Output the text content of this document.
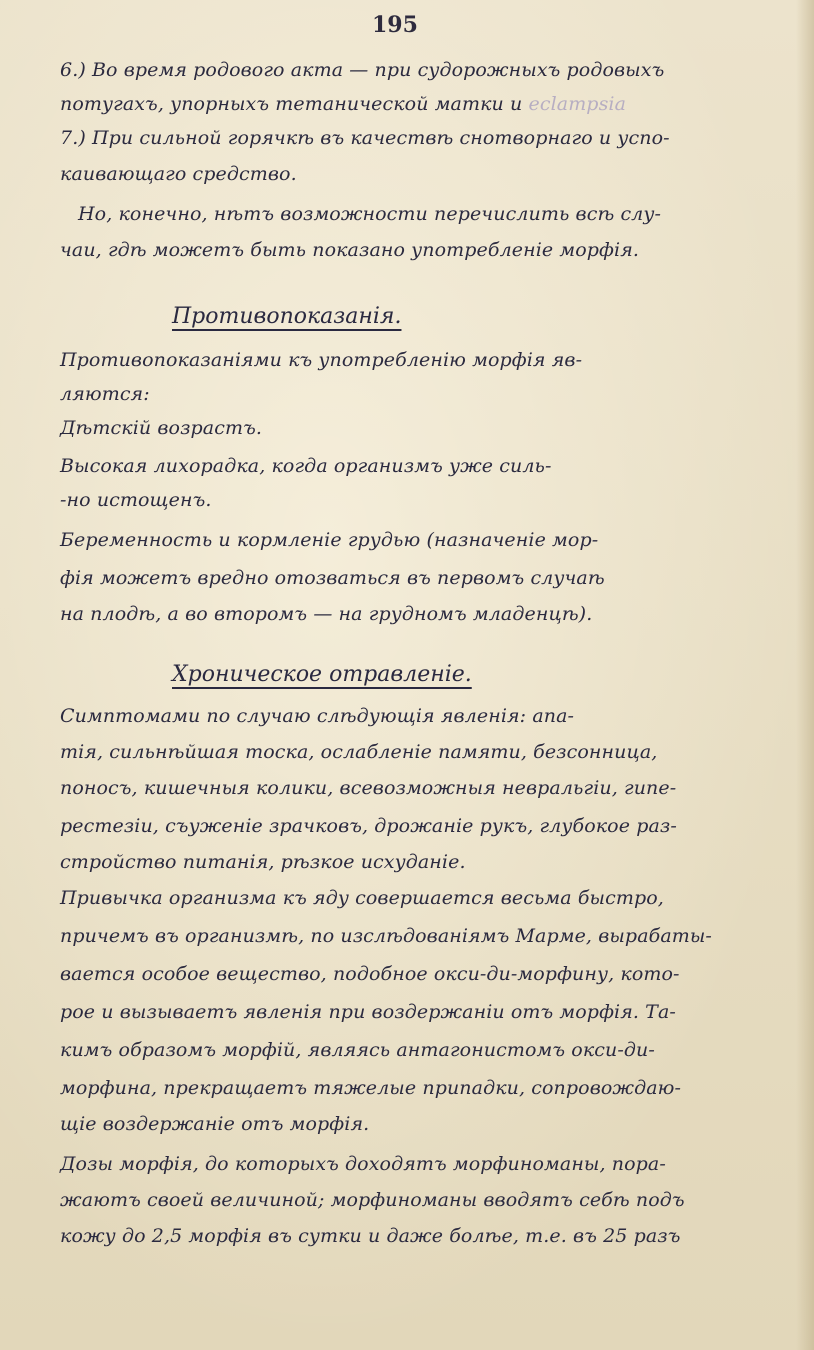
195

6.) Во время родового акта — при судорожныхъ родовыхъ

потугахъ, упорныхъ тетанической матки и eclampsia

7.) При сильной горячкѣ въ качествѣ снотворнаго и успо-

каивающаго средство.

Но, конечно, нѣтъ возможности перечислить всѣ слу-

чаи, гдѣ можетъ быть показано употребленіе морфія.

Противопоказанія.

Противопоказаніями къ употребленію морфія яв-

ляются:

Дѣтскій возрастъ.

Высокая лихорадка, когда организмъ уже силь-

-но истощенъ.

Беременность и кормленіе грудью (назначеніе мор-

фія можетъ вредно отозваться въ первомъ случаѣ

на плодѣ, а во второмъ — на грудномъ младенцѣ).

Хроническое отравленіе.

Симптомами по случаю слѣдующія явленія: апа-

тія, сильнѣйшая тоска, ослабленіе памяти, безсонница,

поносъ, кишечныя колики, всевозможныя невральгіи, гипе-

рестезіи, съуженіе зрачковъ, дрожаніе рукъ, глубокое раз-

стройство питанія, рѣзкое исхуданіе.

Привычка организма къ яду совершается весьма быстро,

причемъ въ организмѣ, по изслѣдованіямъ Марме, вырабаты-

вается особое вещество, подобное окси-ди-морфину, кото-

рое и вызываетъ явленія при воздержаніи отъ морфія. Та-

кимъ образомъ морфій, являясь антагонистомъ окси-ди-

морфина, прекращаетъ тяжелые припадки, сопровождаю-

щіе воздержаніе отъ морфія.

Дозы морфія, до которыхъ доходятъ морфиноманы, пора-

жаютъ своей величиной; морфиноманы вводятъ себѣ подъ

кожу до 2,5 морфія въ сутки и даже болѣе, т.е. въ 25 разъ
